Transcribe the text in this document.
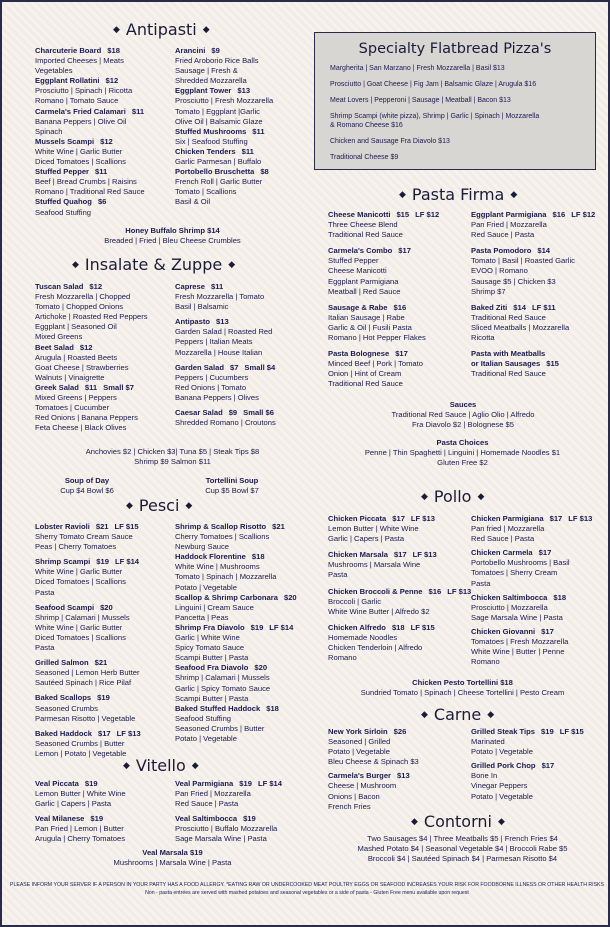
◆ Antipasti ◆
Charcuterie Board $18
Imported Cheeses | Meats
Vegetables
Eggplant Rollatini $12
Prosciutto | Spinach | Ricotta
Romano | Tomato Sauce
Carmela's Fried Calamari $11
Banana Peppers | Olive Oil
Spinach
Mussels Scampi $12
White Wine | Garlic Butter
Diced Tomatoes | Scallions
Stuffed Pepper $11
Beef | Bread Crumbs | Raisins
Romano | Traditional Red Sauce
Stuffed Quahog $6
Seafood Stuffing
Arancini $9
Fried Aroborio Rice Balls
Sausage | Fresh &
Shredded Mozzarella
Eggplant Tower $13
Prosciutto | Fresh Mozzarella
Tomato | Eggplant |Garlic
Olive Oil | Balsamic Glaze
Stuffed Mushrooms $11
Six | Seafood Stuffing
Chicken Tenders $11
Garlic Parmesan | Buffalo
Portobello Bruschetta $8
French Roll | Garlic Butter
Tomato | Scallions
Basil & Oil
Honey Buffalo Shrimp $14
Breaded | Fried | Bleu Cheese Crumbles
Specialty Flatbread Pizza's
Margherita | San Marzano | Fresh Mozzarella | Basil $13
Prosciutto | Goat Cheese | Fig Jam | Balsamic Glaze | Arugula $16
Meat Lovers | Pepperoni | Sausage | Meatball | Bacon $13
Shrimp Scampi (white pizza), Shrimp | Garlic | Spinach | Mozzarella
& Romano Cheese $16
Chicken and Sausage Fra Diavolo $13
Traditional Cheese $9
◆ Insalate & Zuppe ◆
Tuscan Salad $12
Fresh Mozzarella | Chopped
Tomato | Chopped Onions
Artichoke | Roasted Red Peppers
Eggplant | Seasoned Oil
Mixed Greens
Beet Salad $12
Arugula | Roasted Beets
Goat Cheese | Strawberries
Walnuts | Vinaigrette
Greek Salad $11 Small $7
Mixed Greens | Peppers
Tomatoes | Cucumber
Red Onions | Banana Peppers
Feta Cheese | Black Olives
Caprese $11
Fresh Mozzarella | Tomato
Basil | Balsamic
Antipasto $13
Garden Salad | Roasted Red
Peppers | Italian Meats
Mozzarella | House Italian
Garden Salad $7 Small $4
Peppers | Cucumbers
Red Onions | Tomato
Banana Peppers | Olives
Caesar Salad $9 Small $6
Shredded Romano | Croutons
Anchovies $2 | Chicken $3| Tuna $5 | Steak Tips $8
Shrimp $9 Salmon $11
Soup of Day
Cup $4 Bowl $6
Tortellini Soup
Cup $5 Bowl $7
◆ Pesci ◆
Lobster Ravioli $21 LF $15
Sherry Tomato Cream Sauce
Peas | Cherry Tomatoes
Shrimp Scampi $19 LF $14
White Wine | Garlic Butter
Diced Tomatoes | Scallions
Pasta
Seafood Scampi $20
Shrimp | Calamari | Mussels
White Wine | Garlic Butter
Diced Tomatoes | Scallions
Pasta
Grilled Salmon $21
Seasoned | Lemon Herb Butter
Sautéed Spinach | Rice Pilaf
Baked Scallops $19
Seasoned Crumbs
Parmesan Risotto | Vegetable
Baked Haddock $17 LF $13
Seasoned Crumbs | Butter
Lemon | Potato | Vegetable
Shrimp & Scallop Risotto $21
Cherry Tomatoes | Scallions
Newburg Sauce
Haddock Florentine $18
White Wine | Mushrooms
Tomato | Spinach | Mozzarella
Potato | Vegetable
Scallop & Shrimp Carbonara $20
Linguini | Cream Sauce
Pancetta | Peas
Shrimp Fra Diavolo $19 LF $14
Garlic | White Wine
Spicy Tomato Sauce
Scampi Butter | Pasta
Seafood Fra Diavolo $20
Shrimp | Calamari | Mussels
Garlic | Spicy Tomato Sauce
Scampi Butter | Pasta
Baked Stuffed Haddock $18
Seafood Stuffing
Seasoned Crumbs | Butter
Potato | Vegetable
◆ Vitello ◆
Veal Piccata $19
Lemon Butter | White Wine
Garlic | Capers | Pasta
Veal Milanese $19
Pan Fried | Lemon | Butter
Arugula | Cherry Tomatoes
Veal Parmigiana $19 LF $14
Pan Fried | Mozzarella
Red Sauce | Pasta
Veal Saltimbocca $19
Prosciutto | Buffalo Mozzarella
Sage Marsala Wine | Pasta
Veal Marsala $19
Mushrooms | Marsala Wine | Pasta
◆ Pasta Firma ◆
Cheese Manicotti $15 LF $12
Three Cheese Blend
Traditional Red Sauce
Carmela's Combo $17
Stuffed Pepper
Cheese Manicotti
Eggplant Parmigiana
Meatball | Red Sauce
Sausage & Rabe $16
Italian Sausage | Rabe
Garlic & Oil | Fusili Pasta
Romano | Hot Pepper Flakes
Pasta Bolognese $17
Minced Beef | Pork | Tomato
Onion | Hint of Cream
Traditional Red Sauce
Eggplant Parmigiana $16 LF $12
Pan Fried | Mozzarella
Red Sauce | Pasta
Pasta Pomodoro $14
Tomato | Basil | Roasted Garlic
EVOO | Romano
Sausage $5 | Chicken $3
Shrimp $7
Baked Ziti $14 LF $11
Traditional Red Sauce
Sliced Meatballs | Mozzarella
Ricotta
Pasta with Meatballs
or Italian Sausages $15
Traditional Red Sauce
Sauces
Traditional Red Sauce | Aglio Olio | Alfredo
Fra Diavolo $2 | Bolognese $5
Pasta Choices
Penne | Thin Spaghetti | Linguini | Homemade Noodles $1
Gluten Free $2
◆ Pollo ◆
Chicken Piccata $17 LF $13
Lemon Butter | White Wine
Garlic | Capers | Pasta
Chicken Marsala $17 LF $13
Mushrooms | Marsala Wine
Pasta
Chicken Broccoli & Penne $16 LF $13
Broccoli | Garlic
White Wine Butter | Alfredo $2
Chicken Alfredo $18 LF $15
Homemade Noodles
Chicken Tenderloin | Alfredo
Romano
Chicken Parmigiana $17 LF $13
Pan fried | Mozzarella
Red Sauce | Pasta
Chicken Carmela $17
Portobello Mushrooms | Basil
Tomatoes | Sherry Cream
Pasta
Chicken Saltimbocca $18
Prosciutto | Mozzarella
Sage Marsala Wine | Pasta
Chicken Giovanni $17
Tomatoes | Fresh Mozzarella
White Wine | Butter | Penne
Romano
Chicken Pesto Tortellini $18
Sundried Tomato | Spinach | Cheese Tortellini | Pesto Cream
◆ Carne ◆
New York Sirloin $26
Seasoned | Grilled
Potato | Vegetable
Bleu Cheese & Spinach $3
Carmela's Burger $13
Cheese | Mushroom
Onions | Bacon
French Fries
Grilled Steak Tips $19 LF $15
Marinated
Potato | Vegetable
Grilled Pork Chop $17
Bone In
Vinegar Peppers
Potato | Vegetable
◆ Contorni ◆
Two Sausages $4 | Three Meatballs $5 | French Fries $4
Mashed Potato $4 | Seasonal Vegetable $4 | Broccoli Rabe $5
Broccoli $4 | Sautéed Spinach $4 | Parmesan Risotto $4
PLEASE INFORM YOUR SERVER IF A PERSON IN YOUR PARTY HAS A FOOD ALLERGY. *EATING RAW OR UNDERCOOKED MEAT POULTRY EGGS OR SEAFOOD INCREASES YOUR RISK FOR FOODBORNE ILLNESS OR OTHER HEALTH RISKS
Non - pasta entrées are served with mashed potatoes and seasonal vegetables or a side of pasta ◦ Gluten Free menu available upon request
